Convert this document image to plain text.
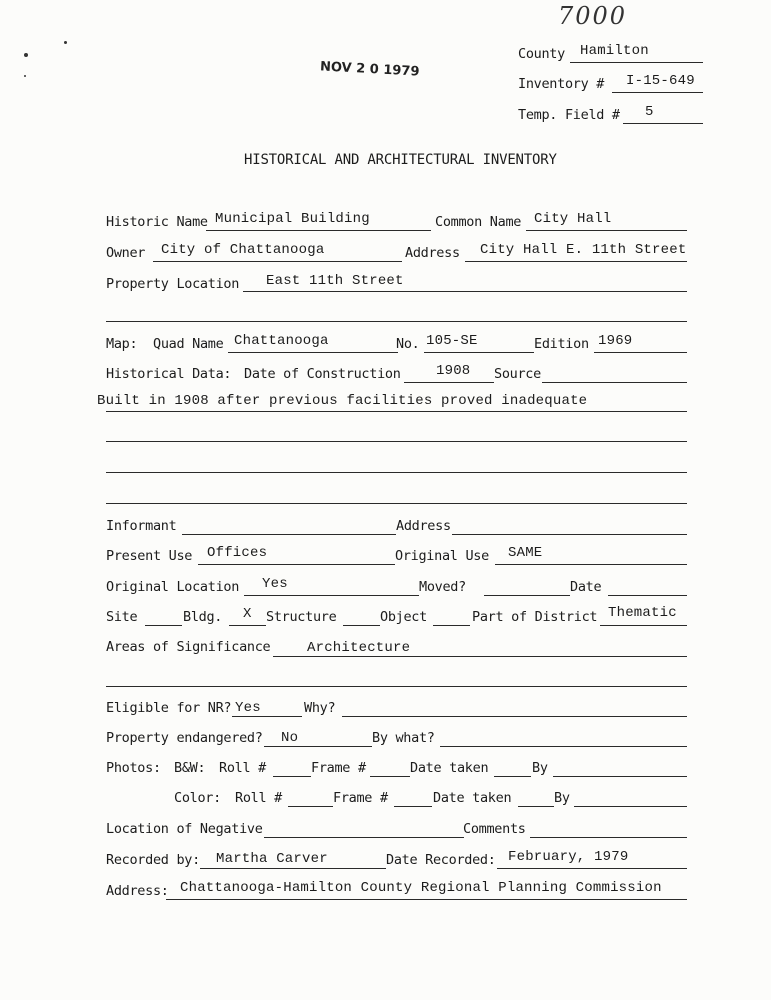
7000
NOV 2 0 1979
County Hamilton
Inventory # I-15-649
Temp. Field # 5
HISTORICAL AND ARCHITECTURAL INVENTORY
Historic Name Municipal Building	Common Name City Hall
Owner City of Chattanooga	Address City Hall E. 11th Street
Property Location East 11th Street
Map: Quad Name Chattanooga	No. 105-SE	Edition 1969
Historical Data: Date of Construction	1908 Source
Built in 1908 after previous facilities proved inadequate
Informant	Address
Present Use Offices	Original Use SAME
Original Location Yes	Moved?	Date
Site	Bldg. X Structure	Object	Part of District Thematic
Areas of Significance	Architecture
Eligible for NR? Yes	Why?
Property endangered? No	By what?
Photos: B&W: Roll #	Frame #	Date taken	By
Color: Roll #	Frame #	Date taken	By
Location of Negative	Comments
Recorded by: Martha Carver	Date Recorded: February, 1979
Address: Chattanooga-Hamilton County Regional Planning Commission
